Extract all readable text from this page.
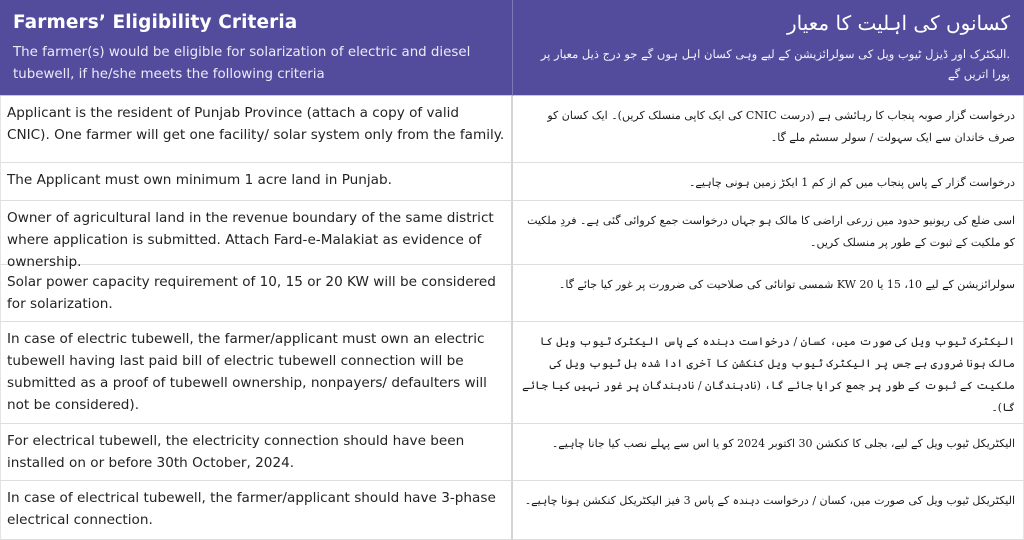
Farmers’ Eligibility Criteria
The farmer(s) would be eligible for solarization of electric and diesel tubewell, if he/she meets the following criteria
کسانوں کی اہلیت کا معیار
.الیکٹرک اور ڈیزل ٹیوب ویل کی سولرائزیشن کے لیے وہی کسان اہل ہوں گے جو درج ذیل معیار پر پورا اتریں گے
Applicant is the resident of Punjab Province (attach a copy of valid CNIC). One farmer will get one facility/ solar system only from the family.
درخواست گزار صوبہ پنجاب کا رہائشی ہے (درست CNIC کی ایک کاپی منسلک کریں)۔ ایک کسان کو صرف خاندان سے ایک سہولت / سولر سسٹم ملے گا۔
The Applicant must own minimum 1 acre land in Punjab.	درخواست گزار کے پاس پنجاب میں کم از کم 1 ایکڑ زمین ہونی چاہیے۔
Owner of agricultural land in the revenue boundary of the same district where application is submitted. Attach Fard-e-Malakiat as evidence of ownership.
اسی ضلع کی ریونیو حدود میں زرعی اراضی کا مالک ہو جہاں درخواست جمع کروائی گئی ہے۔ فردِ ملکیت کو ملکیت کے ثبوت کے طور پر منسلک کریں۔
Solar power capacity requirement of 10, 15 or 20 KW will be considered for solarization.
سولرائزیشن کے لیے 10، 15 یا 20 KW شمسی توانائی کی صلاحیت کی ضرورت پر غور کیا جائے گا۔
In case of electric tubewell, the farmer/applicant must own an electric tubewell having last paid bill of electric tubewell connection will be submitted as a proof of tubewell ownership, nonpayers/ defaulters will not be considered).
الیکٹرک ٹیوب ویل کی صورت میں، کسان / درخواست دہندہ کے پاس الیکٹرک ٹیوب ویل کا مالک ہونا ضروری ہے جس پر الیکٹرک ٹیوب ویل کنکشن کا آخری ادا شدہ بل ٹیوب ویل کی ملکیت کے ثبوت کے طور پر جمع کرایا جائے گا، (نادہندگان / نادہندگان پر غور نہیں کیا جائے گا)۔
For electrical tubewell, the electricity connection should have been installed on or before 30th October, 2024.
الیکٹریکل ٹیوب ویل کے لیے، بجلی کا کنکشن 30 اکتوبر 2024 کو یا اس سے پہلے نصب کیا جانا چاہیے۔
In case of electrical tubewell, the farmer/applicant should have 3-phase electrical connection.
الیکٹریکل ٹیوب ویل کی صورت میں، کسان / درخواست دہندہ کے پاس 3 فیز الیکٹریکل کنکشن ہونا چاہیے۔
